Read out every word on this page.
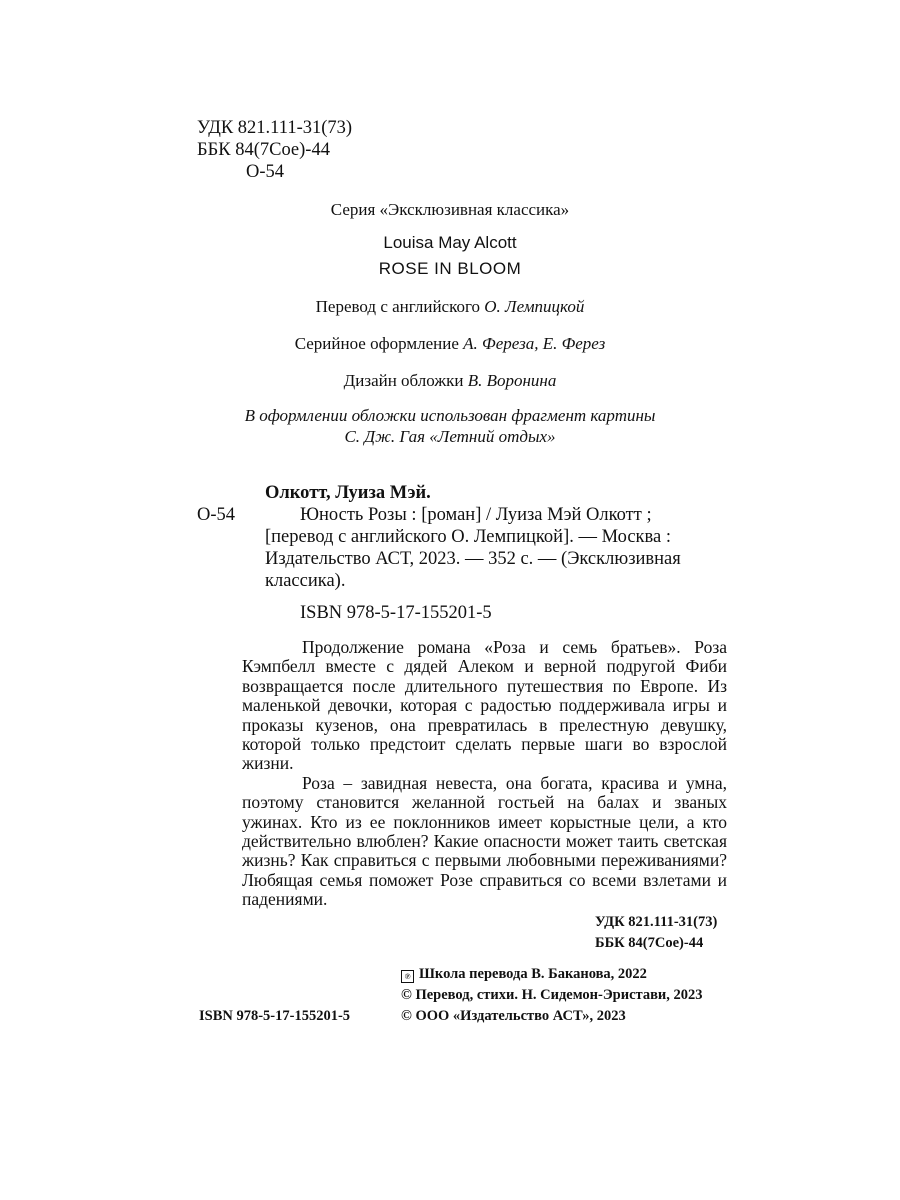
УДК 821.111-31(73)
ББК 84(7Сое)-44
О-54
Серия «Эксклюзивная классика»
Louisa May Alcott
ROSE IN BLOOM
Перевод с английского О. Лемпицкой
Серийное оформление А. Фереза, Е. Ферез
Дизайн обложки В. Воронина
В оформлении обложки использован фрагмент картины
С. Дж. Гая «Летний отдых»
Олкотт, Луиза Мэй.
О-54	Юность Розы : [роман] / Луиза Мэй Олкотт ;
[перевод с английского О. Лемпицкой]. — Москва :
Издательство АСТ, 2023. — 352 с. — (Эксклюзивная
классика).
ISBN 978-5-17-155201-5

Продолжение романа «Роза и семь братьев». Роза Кэмпбелл вместе с дядей Алеком и верной подругой Фиби возвращается после длительного путешествия по Европе. Из маленькой девочки, которая с радостью поддерживала игры и проказы кузенов, она превратилась в прелестную девушку, которой только предстоит сделать первые шаги во взрослой жизни.

Роза – завидная невеста, она богата, красива и умна, поэтому становится желанной гостьей на балах и званых ужинах. Кто из ее поклонников имеет корыстные цели, а кто действительно влюблен? Какие опасности может таить светская жизнь? Как справиться с первыми любовными переживаниями? Любящая семья поможет Розе справиться со всеми взлетами и падениями.

УДК 821.111-31(73)
ББК 84(7Сое)-44
℗ Школа перевода В. Баканова, 2022
© Перевод, стихи. Н. Сидемон-Эристави, 2023
ISBN 978-5-17-155201-5	© ООО «Издательство АСТ», 2023
